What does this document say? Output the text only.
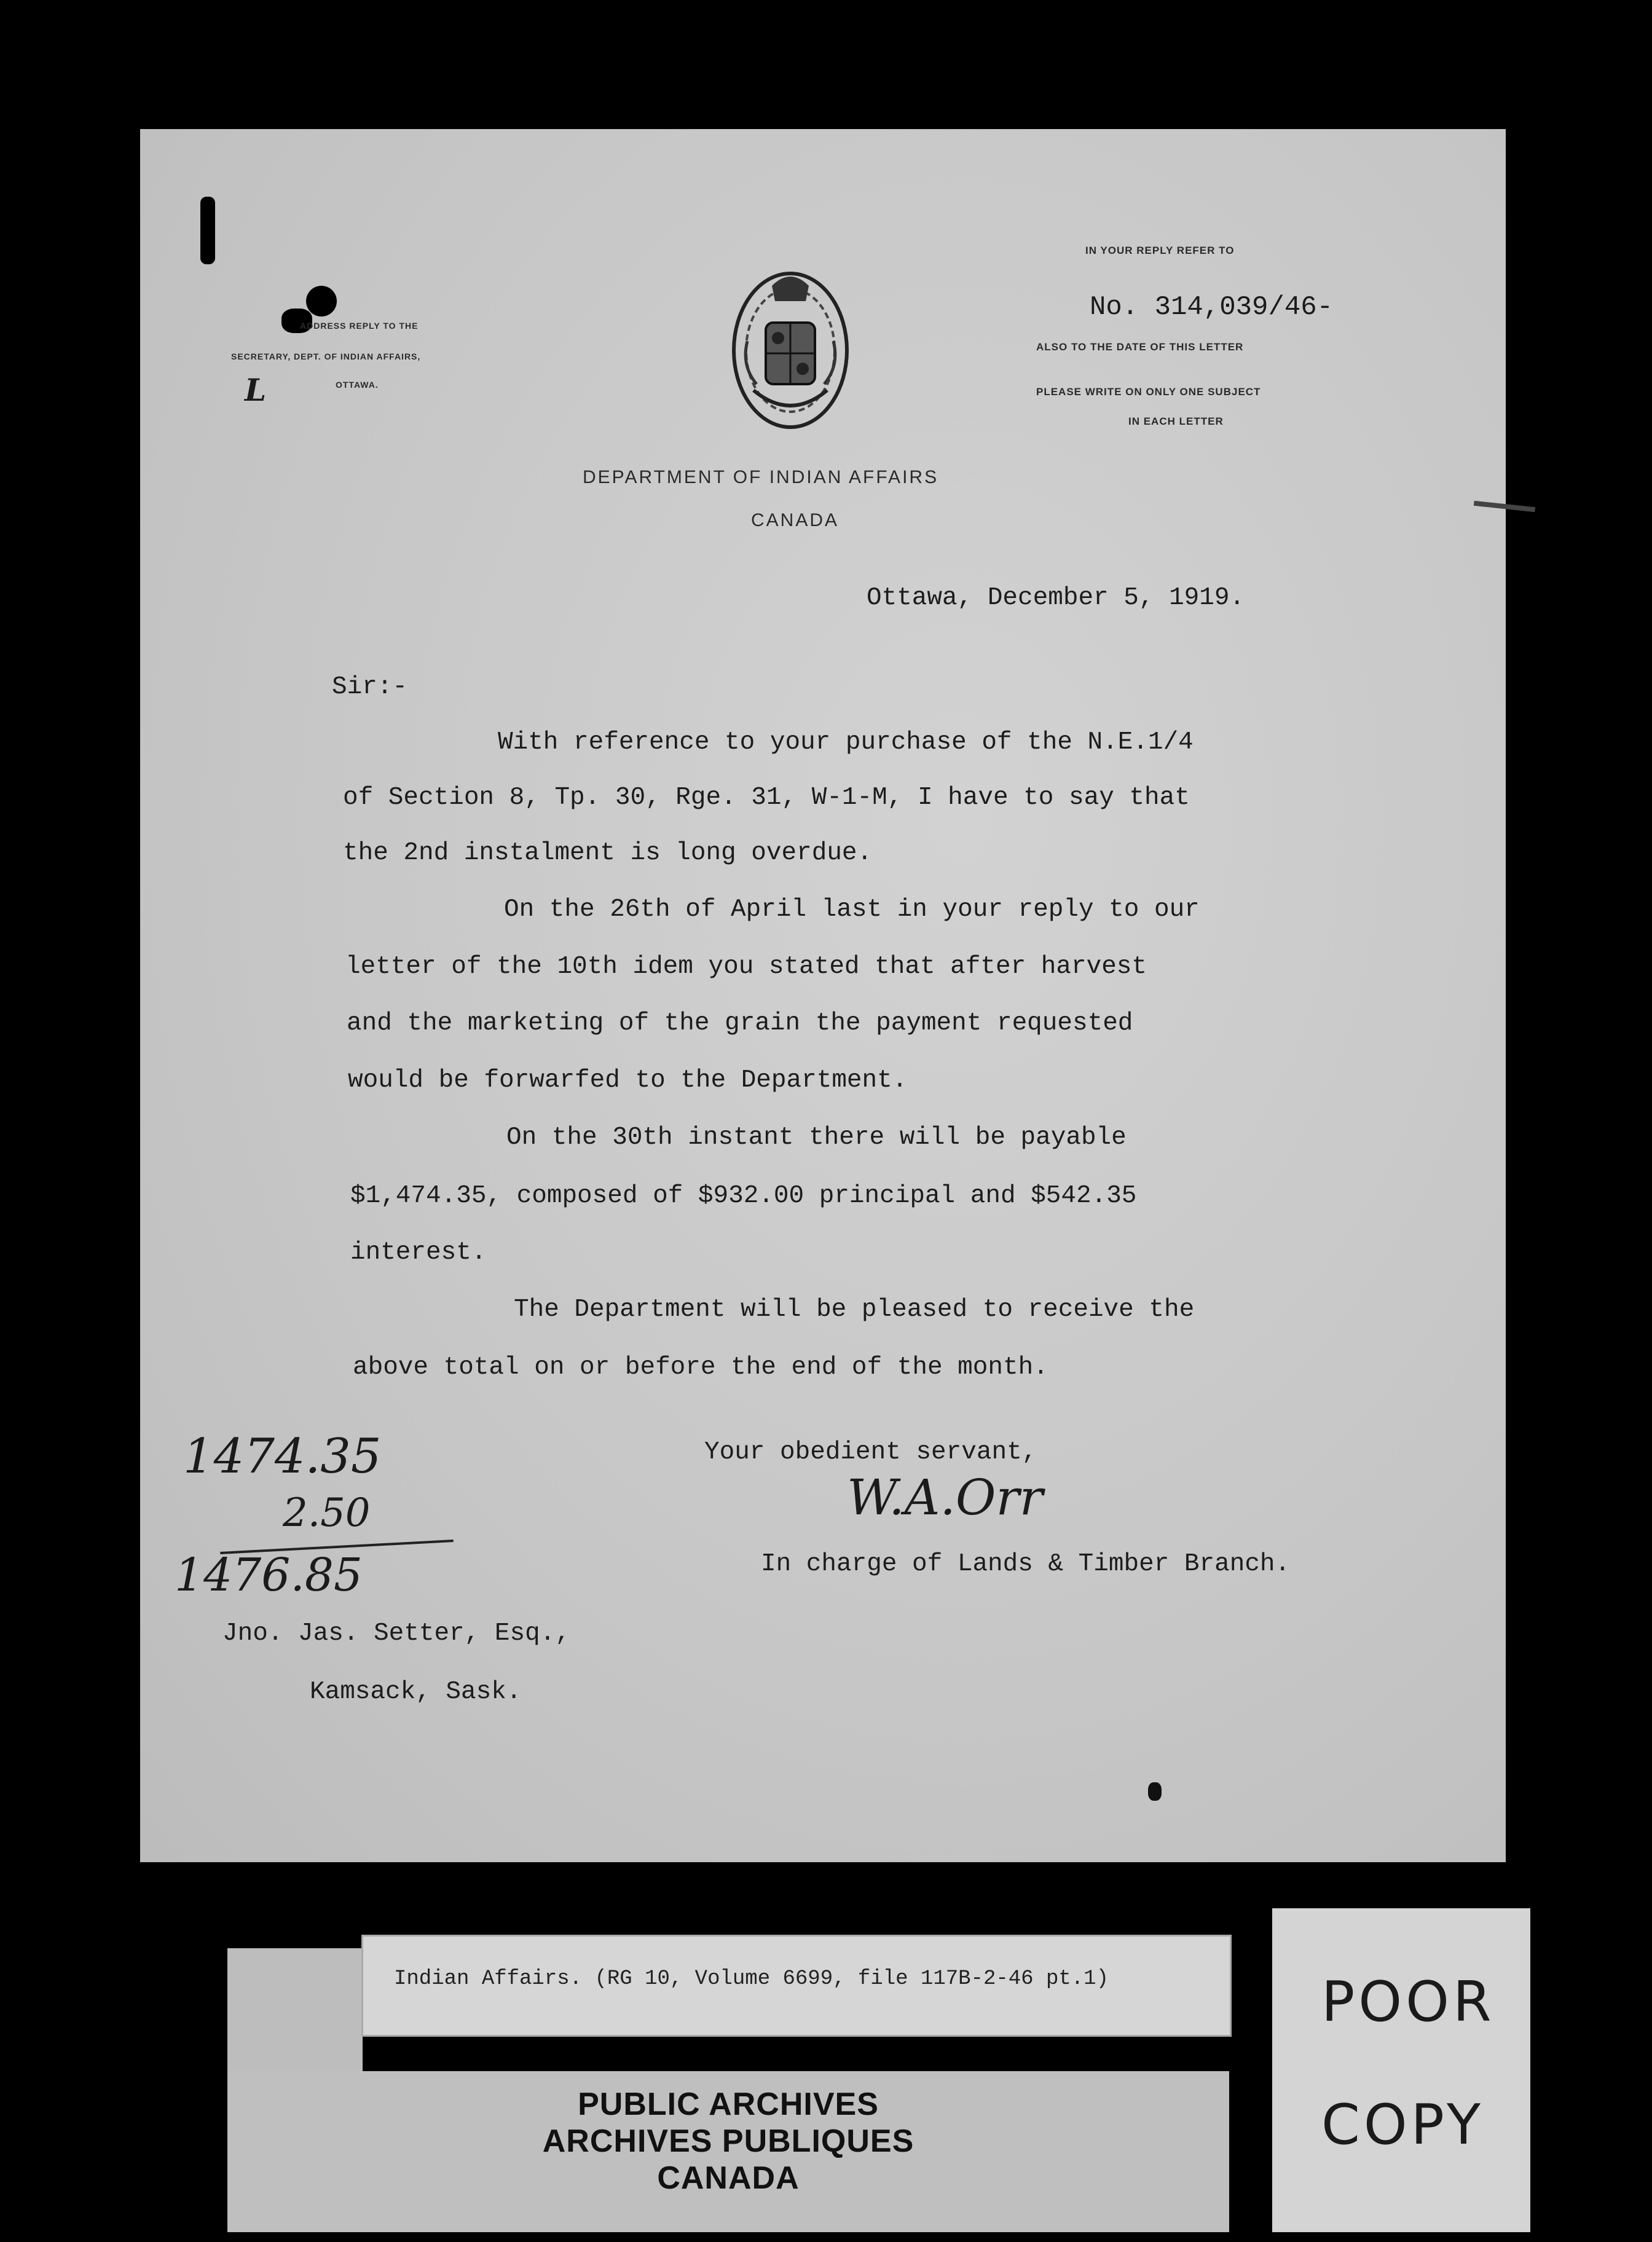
ADDRESS REPLY TO THE
SECRETARY, DEPT. OF INDIAN AFFAIRS,
OTTAWA.
L
IN YOUR REPLY REFER TO
No. 314,039/46-
ALSO TO THE DATE OF THIS LETTER
PLEASE WRITE ON ONLY ONE SUBJECT
IN EACH LETTER
DEPARTMENT OF INDIAN AFFAIRS
CANADA
Ottawa, December 5, 1919.
Sir:-
With reference to your purchase of the N.E.1/4
of Section 8, Tp. 30, Rge. 31, W-1-M, I have to say that
the 2nd instalment is long overdue.
On the 26th of April last in your reply to our
letter of the 10th idem you stated that after harvest
and the marketing of the grain the payment requested
would be forwarfed to the Department.
On the 30th instant there will be payable
$1,474.35, composed of $932.00 principal and $542.35
interest.
The Department will be pleased to receive the
above total on or before the end of the month.
Your obedient servant,
W.A.Orr
In charge of Lands & Timber Branch.
Jno. Jas. Setter, Esq.,
Kamsack, Sask.
1474.35
2.50
1476.85
PUBLIC ARCHIVES
ARCHIVES PUBLIQUES
CANADA
Indian Affairs. (RG 10, Volume 6699, file 117B-2-46 pt.1)	POOR
COPY
